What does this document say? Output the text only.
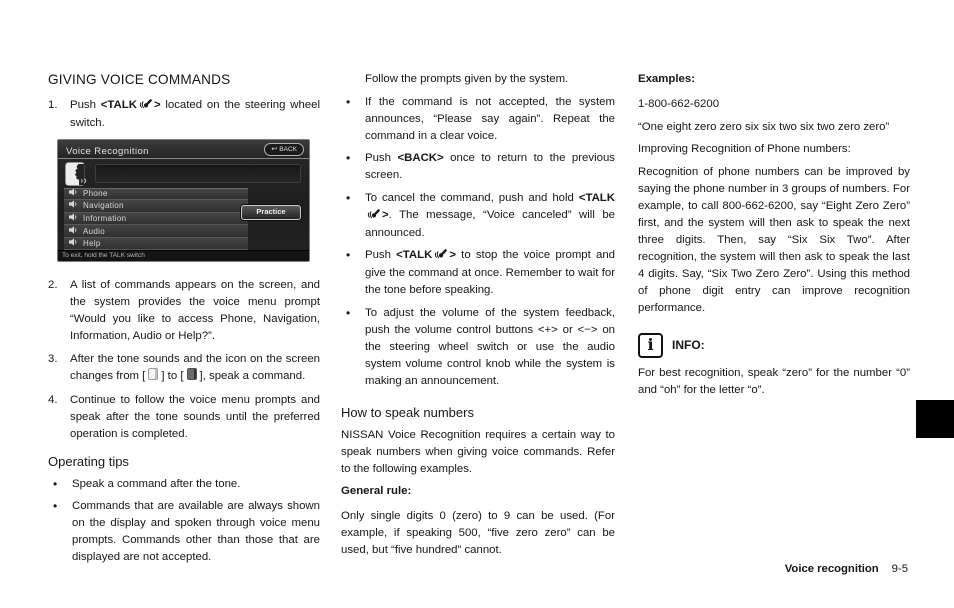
GIVING VOICE COMMANDS
1. Push <TALK > located on the steering wheel switch.
Voice Recognition	↩ BACK
Phone
Navigation
Information
Audio
Help
Practice
To exit, hold the TALK switch
2. A list of commands appears on the screen, and the system provides the voice menu prompt “Would you like to access Phone, Navigation, Information, Audio or Help?”.
3. After the tone sounds and the icon on the screen changes from [ ] to [ ], speak a command.
4. Continue to follow the voice menu prompts and speak after the tone sounds until the preferred operation is completed.
Operating tips
• Speak a command after the tone.
• Commands that are available are always shown on the display and spoken through voice menu prompts. Commands other than those that are displayed are not accepted.

Follow the prompts given by the system.

• If the command is not accepted, the system announces, “Please say again”. Repeat the command in a clear voice.
• Push <BACK> once to return to the previous screen.
• To cancel the command, push and hold <TALK>. The message, “Voice canceled” will be announced.
• Push <TALK > to stop the voice prompt and give the command at once. Remember to wait for the tone before speaking.
• To adjust the volume of the system feedback, push the volume control buttons <+> or <−> on the steering wheel switch or use the audio system volume control knob while the system is making an announcement.
How to speak numbers

NISSAN Voice Recognition requires a certain way to speak numbers when giving voice commands. Refer to the following examples.

General rule:

Only single digits 0 (zero) to 9 can be used. (For example, if speaking 500, “five zero zero” can be used, but “five hundred” cannot.

Examples:

1-800-662-6200

“One eight zero zero six six two six two zero zero”

Improving Recognition of Phone numbers:

Recognition of phone numbers can be improved by saying the phone number in 3 groups of numbers. For example, to call 800-662-6200, say “Eight Zero Zero” first, and the system will then ask to speak the next three digits. Then, say “Six Six Two”. After recognition, the system will then ask to speak the last 4 digits. Say, “Six Two Zero Zero”. Using this method of phone digit entry can improve recognition performance.

i	INFO:

For best recognition, speak “zero” for the number “0” and “oh” for the letter “o”.

Voice recognition 9-5
